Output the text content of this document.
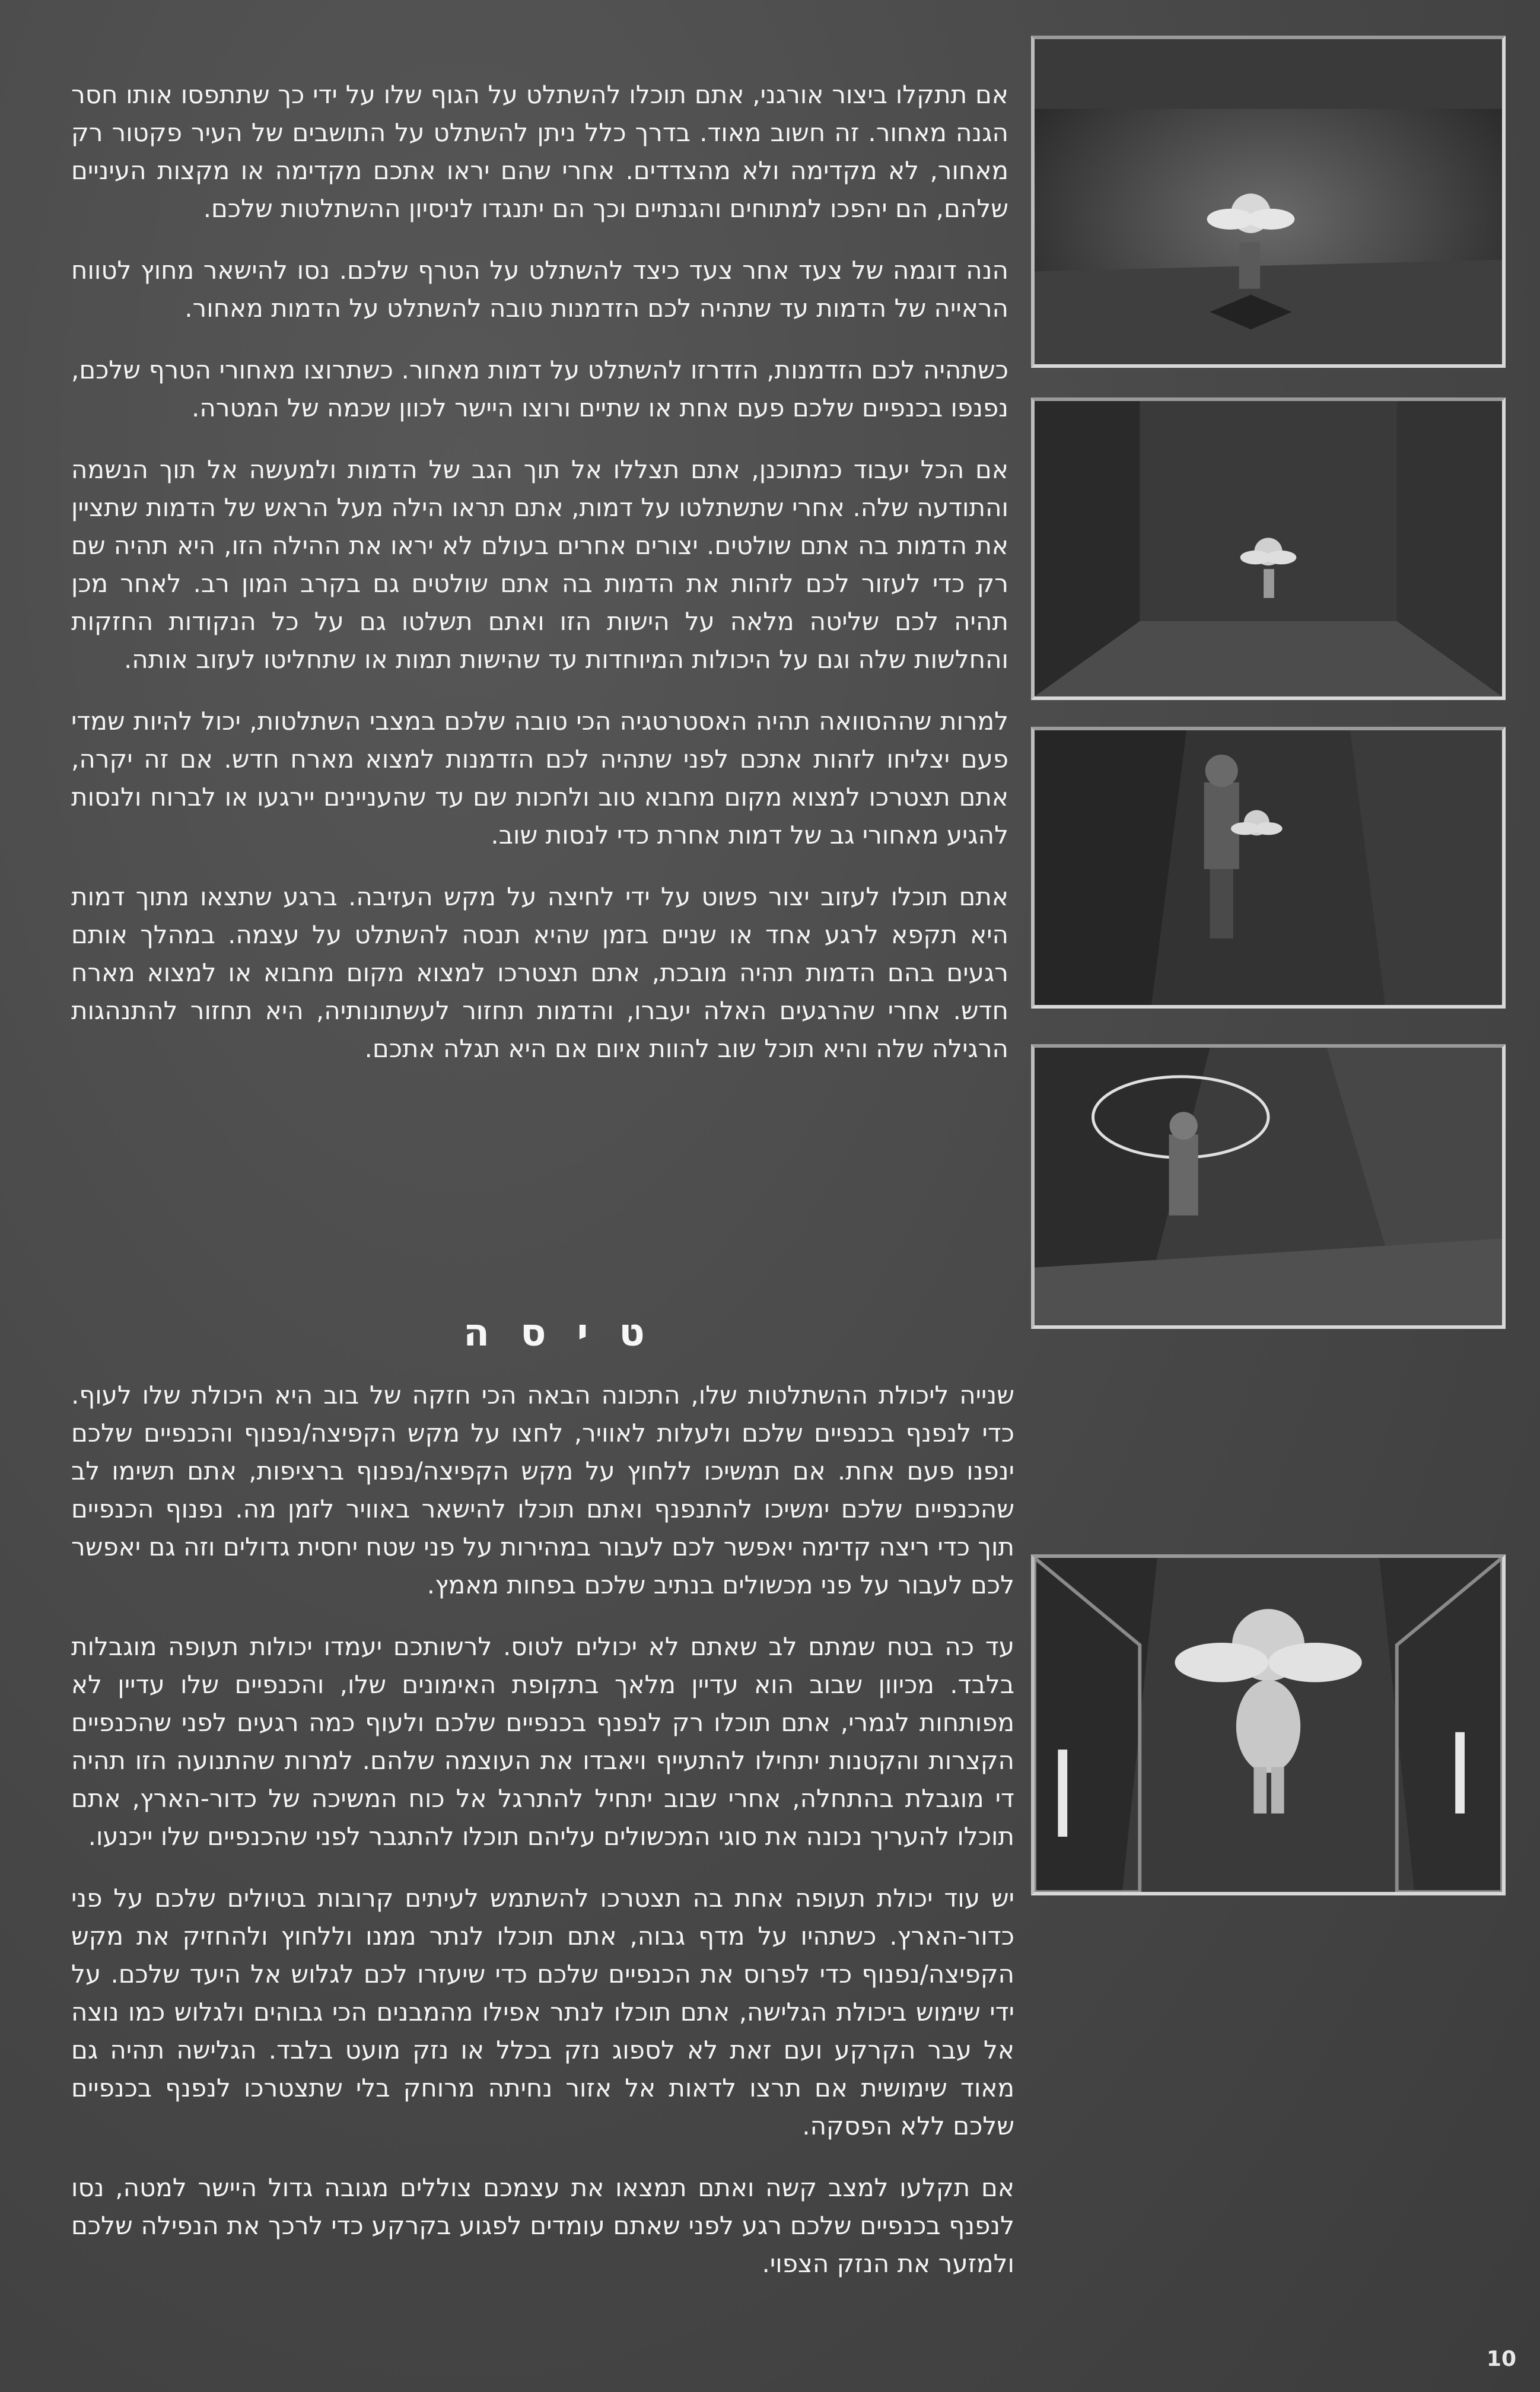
אם תתקלו ביצור אורגני, אתם תוכלו להשתלט על הגוף שלו על ידי כך שתתפסו אותו חסר הגנה מאחור. זה חשוב מאוד. בדרך כלל ניתן להשתלט על התושבים של העיר פקטור רק מאחור, לא מקדימה ולא מהצדדים. אחרי שהם יראו אתכם מקדימה או מקצות העיניים שלהם, הם יהפכו למתוחים והגנתיים וכך הם יתנגדו לניסיון ההשתלטות שלכם.

הנה דוגמה של צעד אחר צעד כיצד להשתלט על הטרף שלכם. נסו להישאר מחוץ לטווח הראייה של הדמות עד שתהיה לכם הזדמנות טובה להשתלט על הדמות מאחור.

כשתהיה לכם הזדמנות, הזדרזו להשתלט על דמות מאחור. כשתרוצו מאחורי הטרף שלכם, נפנפו בכנפיים שלכם פעם אחת או שתיים ורוצו היישר לכוון שכמה של המטרה.

אם הכל יעבוד כמתוכנן, אתם תצללו אל תוך הגב של הדמות ולמעשה אל תוך הנשמה והתודעה שלה. אחרי שתשתלטו על דמות, אתם תראו הילה מעל הראש של הדמות שתציין את הדמות בה אתם שולטים. יצורים אחרים בעולם לא יראו את ההילה הזו, היא תהיה שם רק כדי לעזור לכם לזהות את הדמות בה אתם שולטים גם בקרב המון רב. לאחר מכן תהיה לכם שליטה מלאה על הישות הזו ואתם תשלטו גם על כל הנקודות החזקות והחלשות שלה וגם על היכולות המיוחדות עד שהישות תמות או שתחליטו לעזוב אותה.

למרות שההסוואה תהיה האסטרטגיה הכי טובה שלכם במצבי השתלטות, יכול להיות שמדי פעם יצליחו לזהות אתכם לפני שתהיה לכם הזדמנות למצוא מארח חדש. אם זה יקרה, אתם תצטרכו למצוא מקום מחבוא טוב ולחכות שם עד שהעניינים יירגעו או לברוח ולנסות להגיע מאחורי גב של דמות אחרת כדי לנסות שוב.

אתם תוכלו לעזוב יצור פשוט על ידי לחיצה על מקש העזיבה. ברגע שתצאו מתוך דמות היא תקפא לרגע אחד או שניים בזמן שהיא תנסה להשתלט על עצמה. במהלך אותם רגעים בהם הדמות תהיה מובכת, אתם תצטרכו למצוא מקום מחבוא או למצוא מארח חדש. אחרי שהרגעים האלה יעברו, והדמות תחזור לעשתונותיה, היא תחזור להתנהגות הרגילה שלה והיא תוכל שוב להוות איום אם היא תגלה אתכם.

טיסה

שנייה ליכולת ההשתלטות שלו, התכונה הבאה הכי חזקה של בוב היא היכולת שלו לעוף. כדי לנפנף בכנפיים שלכם ולעלות לאוויר, לחצו על מקש הקפיצה/נפנוף והכנפיים שלכם ינפנו פעם אחת. אם תמשיכו ללחוץ על מקש הקפיצה/נפנוף ברציפות, אתם תשימו לב שהכנפיים שלכם ימשיכו להתנפנף ואתם תוכלו להישאר באוויר לזמן מה. נפנוף הכנפיים תוך כדי ריצה קדימה יאפשר לכם לעבור במהירות על פני שטח יחסית גדולים וזה גם יאפשר לכם לעבור על פני מכשולים בנתיב שלכם בפחות מאמץ.

עד כה בטח שמתם לב שאתם לא יכולים לטוס. לרשותכם יעמדו יכולות תעופה מוגבלות בלבד. מכיוון שבוב הוא עדיין מלאך בתקופת האימונים שלו, והכנפיים שלו עדיין לא מפותחות לגמרי, אתם תוכלו רק לנפנף בכנפיים שלכם ולעוף כמה רגעים לפני שהכנפיים הקצרות והקטנות יתחילו להתעייף ויאבדו את העוצמה שלהם. למרות שהתנועה הזו תהיה די מוגבלת בהתחלה, אחרי שבוב יתחיל להתרגל אל כוח המשיכה של כדור-הארץ, אתם תוכלו להעריך נכונה את סוגי המכשולים עליהם תוכלו להתגבר לפני שהכנפיים שלו ייכנעו.

יש עוד יכולת תעופה אחת בה תצטרכו להשתמש לעיתים קרובות בטיולים שלכם על פני כדור-הארץ. כשתהיו על מדף גבוה, אתם תוכלו לנתר ממנו וללחוץ ולהחזיק את מקש הקפיצה/נפנוף כדי לפרוס את הכנפיים שלכם כדי שיעזרו לכם לגלוש אל היעד שלכם. על ידי שימוש ביכולת הגלישה, אתם תוכלו לנתר אפילו מהמבנים הכי גבוהים ולגלוש כמו נוצה אל עבר הקרקע ועם זאת לא לספוג נזק בכלל או נזק מועט בלבד. הגלישה תהיה גם מאוד שימושית אם תרצו לדאות אל אזור נחיתה מרוחק בלי שתצטרכו לנפנף בכנפיים שלכם ללא הפסקה.

אם תקלעו למצב קשה ואתם תמצאו את עצמכם צוללים מגובה גדול היישר למטה, נסו לנפנף בכנפיים שלכם רגע לפני שאתם עומדים לפגוע בקרקע כדי לרכך את הנפילה שלכם ולמזער את הנזק הצפוי.

10
